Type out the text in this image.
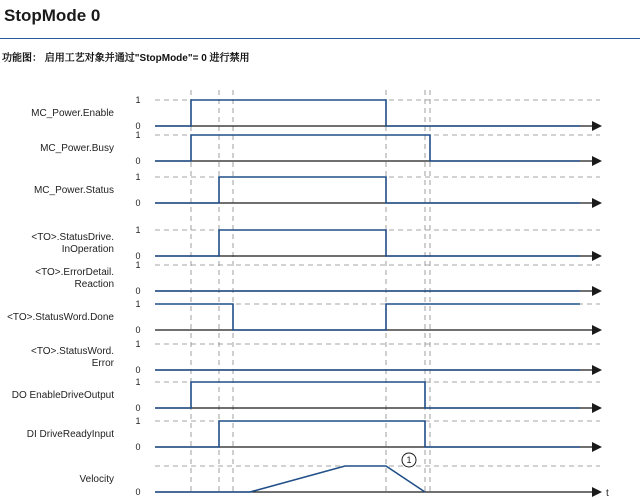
StopMode 0
功能图： 启用工艺对象并通过"StopMode"= 0 进行禁用
MC_Power.Enable
1
0
MC_Power.Busy
1
0
MC_Power.Status
1
0
<TO>.StatusDrive.
InOperation
1
0
<TO>.ErrorDetail.
Reaction
1
0
<TO>.StatusWord.Done
1
0
<TO>.StatusWord.
Error
1
0
DO EnableDriveOutput
1
0
DI DriveReadyInput
1
0
Velocity
0	t
1
